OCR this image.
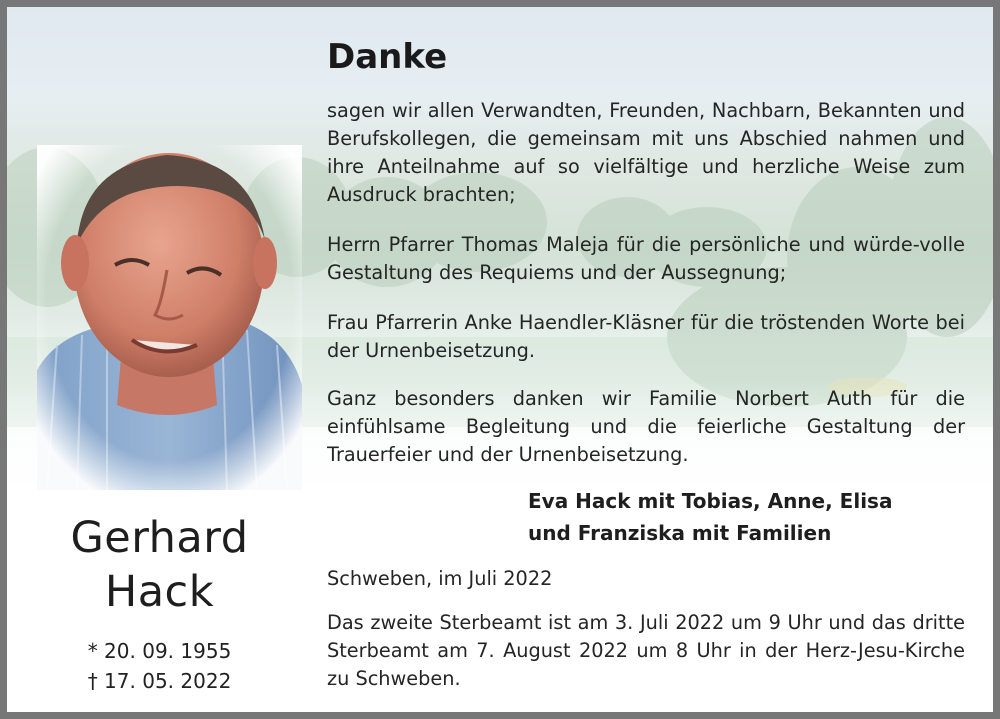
Gerhard
Hack
* 20. 09. 1955
† 17. 05. 2022
Danke
sagen wir allen Verwandten, Freunden, Nachbarn, Bekannten und Berufskollegen, die gemeinsam mit uns Abschied nahmen und ihre Anteilnahme auf so vielfältige und herzliche Weise zum Ausdruck brachten;
Herrn Pfarrer Thomas Maleja für die persönliche und würde-volle Gestaltung des Requiems und der Aussegnung;
Frau Pfarrerin Anke Haendler-Kläsner für die tröstenden Worte bei der Urnenbeisetzung.
Ganz besonders danken wir Familie Norbert Auth für die einfühlsame Begleitung und die feierliche Gestaltung der Trauerfeier und der Urnenbeisetzung.
Eva Hack mit Tobias, Anne, Elisa
und Franziska mit Familien
Schweben, im Juli 2022
Das zweite Sterbeamt ist am 3. Juli 2022 um 9 Uhr und das dritte Sterbeamt am 7. August 2022 um 8 Uhr in der Herz-Jesu-Kirche zu Schweben.
